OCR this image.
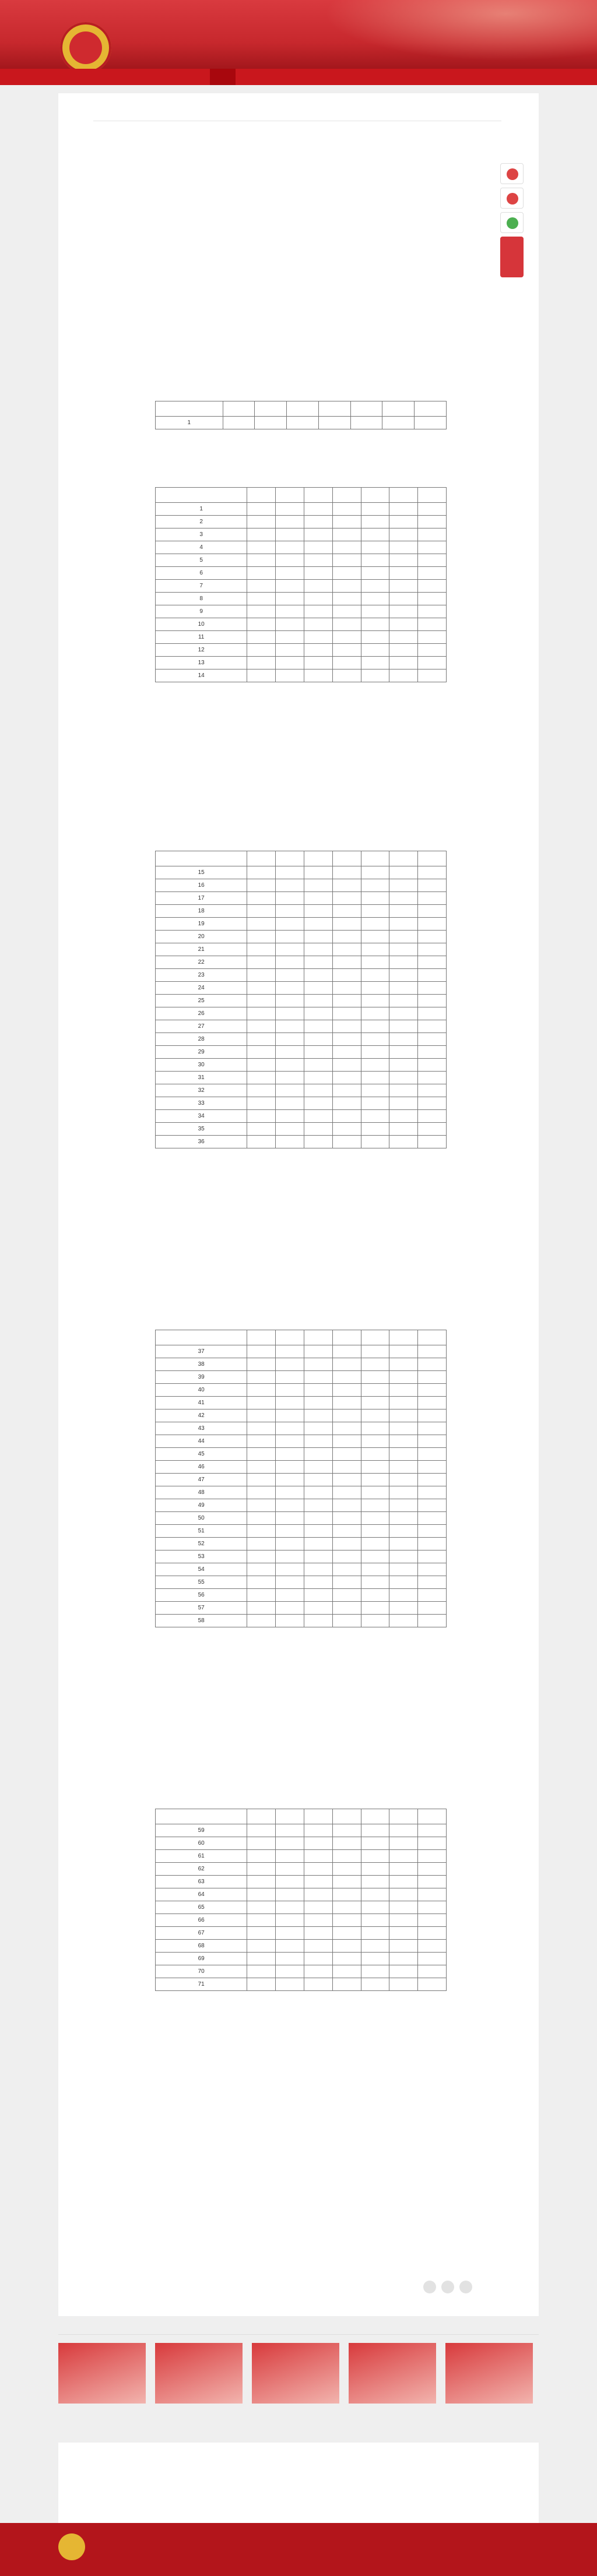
1							

1							
2							
3							
4							
5							
6							
7							
8							
9							
10							
11							
12							
13							
14							

15							
16							
17							
18							
19							
20							
21							
22							
23							
24							
25							
26							
27							
28							
29							
30							
31							
32							
33							
34							
35							
36							

37							
38							
39							
40							
41							
42							
43							
44							
45							
46							
47							
48							
49							
50							
51							
52							
53							
54							
55							
56							
57							
58							

59							
60							
61							
62							
63							
64							
65							
66							
67							
68							
69							
70							
71							
